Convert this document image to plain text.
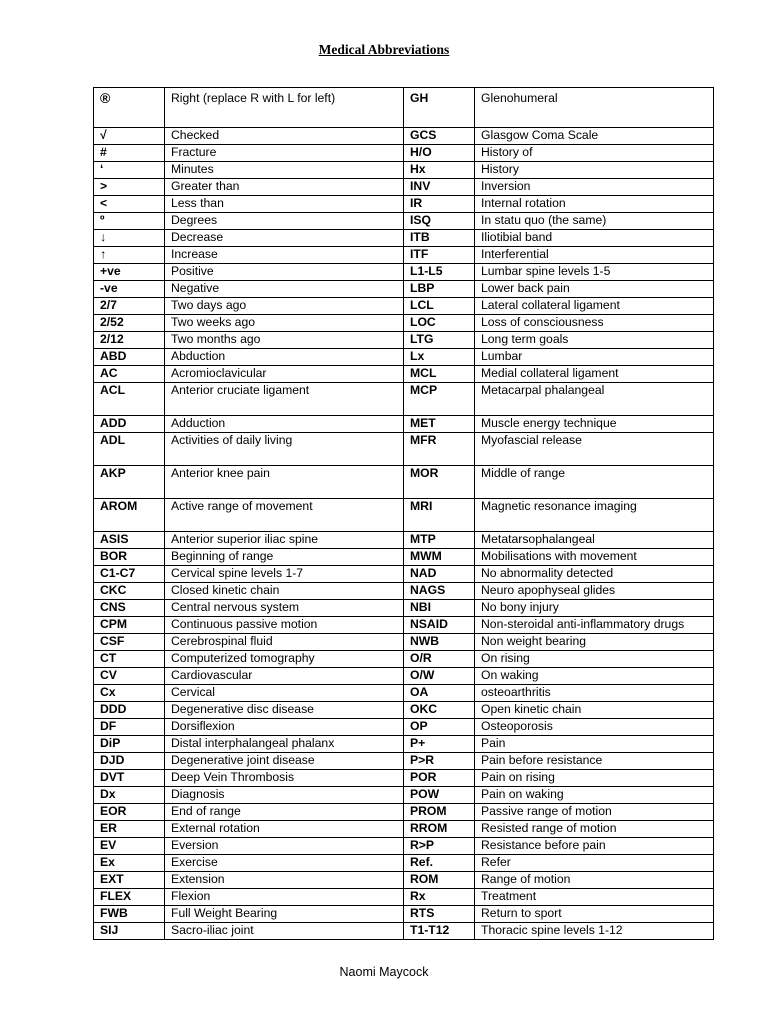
Medical Abbreviations
®	Right (replace R with L for left)	GH	Glenohumeral
√	Checked	GCS	Glasgow Coma Scale
#	Fracture	H/O	History of
‘	Minutes	Hx	History
>	Greater than	INV	Inversion
<	Less than	IR	Internal rotation
º	Degrees	ISQ	In statu quo (the same)
↓	Decrease	ITB	Iliotibial band
↑	Increase	ITF	Interferential
+ve	Positive	L1-L5	Lumbar spine levels 1-5
-ve	Negative	LBP	Lower back pain
2/7	Two days ago	LCL	Lateral collateral ligament
2/52	Two weeks ago	LOC	Loss of consciousness
2/12	Two months ago	LTG	Long term goals
ABD	Abduction	Lx	Lumbar
AC	Acromioclavicular	MCL	Medial collateral ligament
ACL	Anterior cruciate ligament	MCP	Metacarpal phalangeal
ADD	Adduction	MET	Muscle energy technique
ADL	Activities of daily living	MFR	Myofascial release
AKP	Anterior knee pain	MOR	Middle of range
AROM	Active range of movement	MRI	Magnetic resonance imaging
ASIS	Anterior superior iliac spine	MTP	Metatarsophalangeal
BOR	Beginning of range	MWM	Mobilisations with movement
C1-C7	Cervical spine levels 1-7	NAD	No abnormality detected
CKC	Closed kinetic chain	NAGS	Neuro apophyseal glides
CNS	Central nervous system	NBI	No bony injury
CPM	Continuous passive motion	NSAID	Non-steroidal anti-inflammatory drugs
CSF	Cerebrospinal fluid	NWB	Non weight bearing
CT	Computerized tomography	O/R	On rising
CV	Cardiovascular	O/W	On waking
Cx	Cervical	OA	osteoarthritis
DDD	Degenerative disc disease	OKC	Open kinetic chain
DF	Dorsiflexion	OP	Osteoporosis
DiP	Distal interphalangeal phalanx	P+	Pain
DJD	Degenerative joint disease	P>R	Pain before resistance
DVT	Deep Vein Thrombosis	POR	Pain on rising
Dx	Diagnosis	POW	Pain on waking
EOR	End of range	PROM	Passive range of motion
ER	External rotation	RROM	Resisted range of motion
EV	Eversion	R>P	Resistance before pain
Ex	Exercise	Ref.	Refer
EXT	Extension	ROM	Range of motion
FLEX	Flexion	Rx	Treatment
FWB	Full Weight Bearing	RTS	Return to sport
SIJ	Sacro-iliac joint	T1-T12	Thoracic spine levels 1-12
Naomi Maycock
